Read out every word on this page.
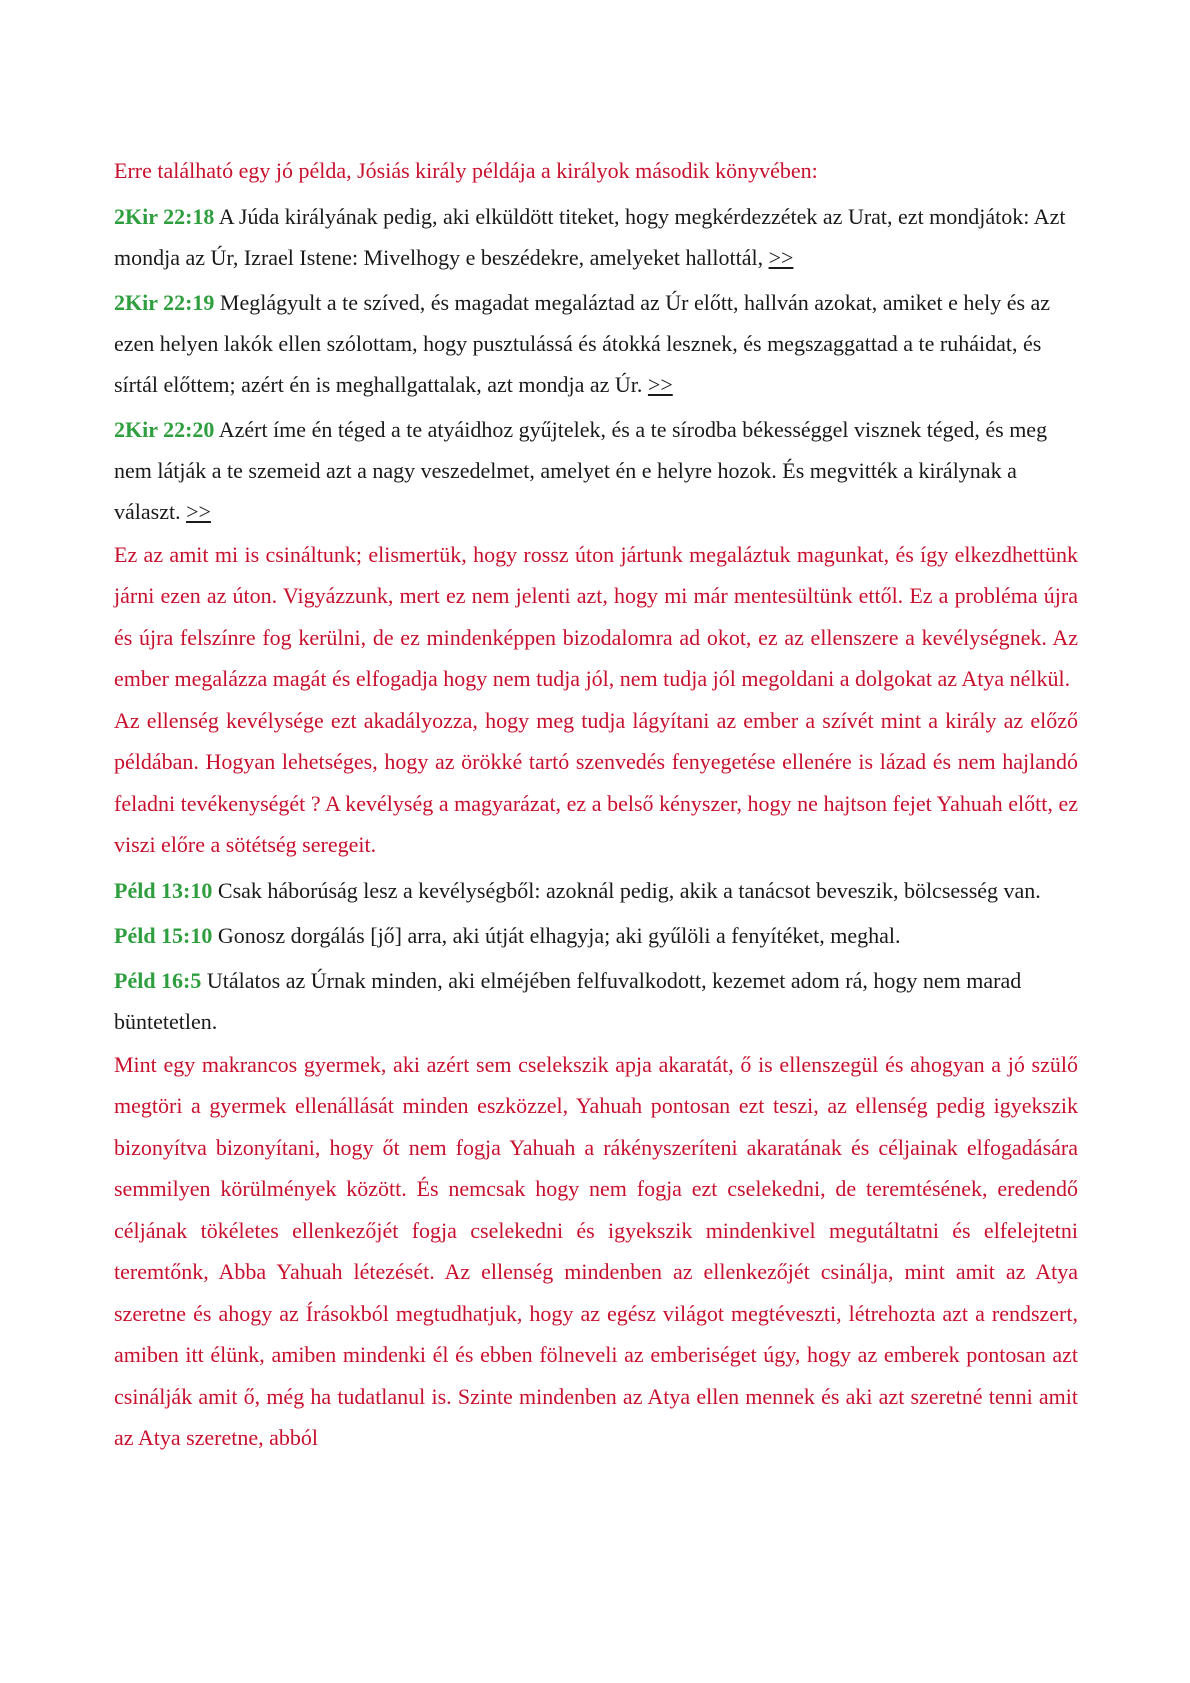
Erre található egy jó példa, Jósiás király példája a királyok második könyvében:

2Kir 22:18 A Júda királyának pedig, aki elküldött titeket, hogy megkérdezzétek az Urat, ezt mondjátok: Azt mondja az Úr, Izrael Istene: Mivelhogy e beszédekre, amelyeket hallottál, >>

2Kir 22:19 Meglágyult a te szíved, és magadat megaláztad az Úr előtt, hallván azokat, amiket e hely és az ezen helyen lakók ellen szólottam, hogy pusztulássá és átokká lesznek, és megszaggattad a te ruháidat, és sírtál előttem; azért én is meghallgattalak, azt mondja az Úr. >>

2Kir 22:20 Azért íme én téged a te atyáidhoz gyűjtelek, és a te sírodba békességgel visznek téged, és meg nem látják a te szemeid azt a nagy veszedelmet, amelyet én e helyre hozok. És megvitték a királynak a választ. >>

Ez az amit mi is csináltunk; elismertük, hogy rossz úton jártunk megaláztuk magunkat, és így elkezdhettünk járni ezen az úton. Vigyázzunk, mert ez nem jelenti azt, hogy mi már mentesültünk ettől. Ez a probléma újra és újra felszínre fog kerülni, de ez mindenképpen bizodalomra ad okot, ez az ellenszere a kevélységnek. Az ember megalázza magát és elfogadja hogy nem tudja jól, nem tudja jól megoldani a dolgokat az Atya nélkül.

Az ellenség kevélysége ezt akadályozza, hogy meg tudja lágyítani az ember a szívét mint a király az előző példában. Hogyan lehetséges, hogy az örökké tartó szenvedés fenyegetése ellenére is lázad és nem hajlandó feladni tevékenységét ? A kevélység a magyarázat, ez a belső kényszer, hogy ne hajtson fejet Yahuah előtt, ez viszi előre a sötétség seregeit.

Péld 13:10 Csak háborúság lesz a kevélységből: azoknál pedig, akik a tanácsot beveszik, bölcsesség van.

Péld 15:10 Gonosz dorgálás [jő] arra, aki útját elhagyja; aki gyűlöli a fenyítéket, meghal.

Péld 16:5 Utálatos az Úrnak minden, aki elméjében felfuvalkodott, kezemet adom rá, hogy nem marad büntetetlen.

Mint egy makrancos gyermek, aki azért sem cselekszik apja akaratát, ő is ellenszegül és ahogyan a jó szülő megtöri a gyermek ellenállását minden eszközzel, Yahuah pontosan ezt teszi, az ellenség pedig igyekszik bizonyítva bizonyítani, hogy őt nem fogja Yahuah a rákényszeríteni akaratának és céljainak elfogadására semmilyen körülmények között. És nemcsak hogy nem fogja ezt cselekedni, de teremtésének, eredendő céljának tökéletes ellenkezőjét fogja cselekedni és igyekszik mindenkivel megutáltatni és elfelejtetni teremtőnk, Abba Yahuah létezését. Az ellenség mindenben az ellenkezőjét csinálja, mint amit az Atya szeretne és ahogy az Írásokból megtudhatjuk, hogy az egész világot megtéveszti, létrehozta azt a rendszert, amiben itt élünk, amiben mindenki él és ebben fölneveli az emberiséget úgy, hogy az emberek pontosan azt csinálják amit ő, még ha tudatlanul is. Szinte mindenben az Atya ellen mennek és aki azt szeretné tenni amit az Atya szeretne, abból
